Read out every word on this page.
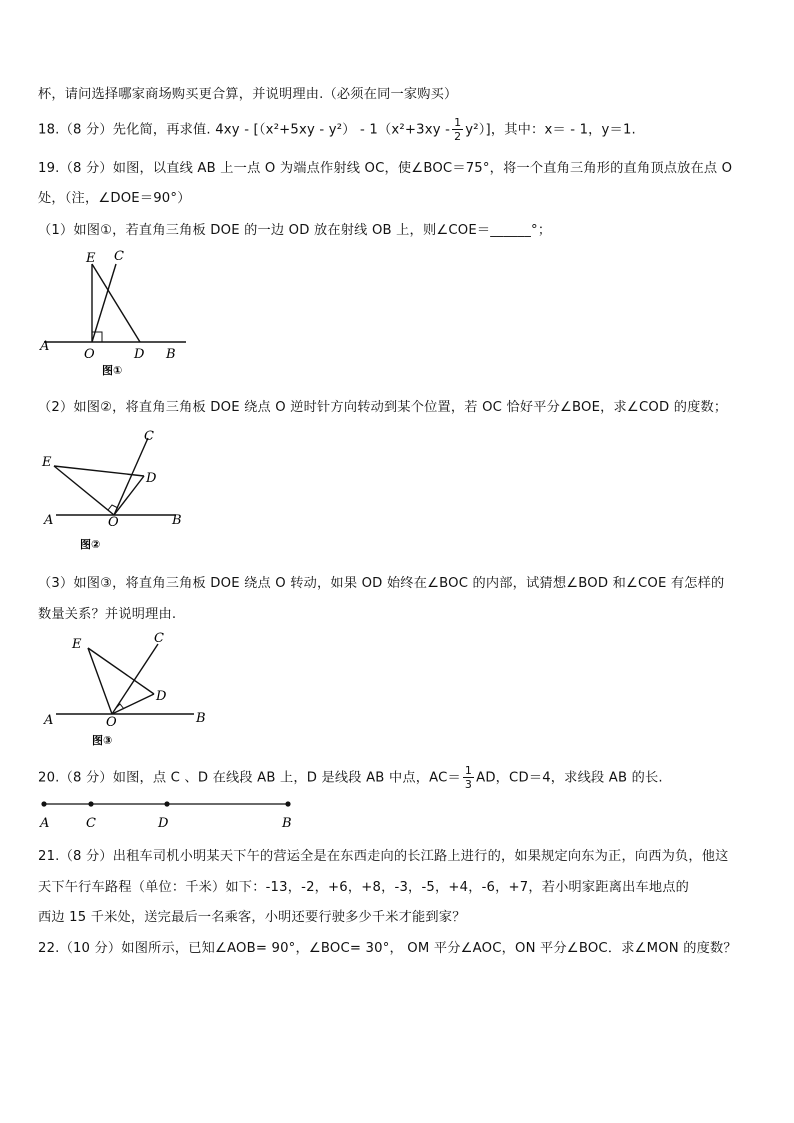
杯，请问选择哪家商场购买更合算，并说明理由.（必须在同一家购买）
18.（8 分）先化简，再求值. $4xy - [(x^2+5xy - y^2) - 1(x^2+3xy - \frac{1}{2} y^2)]$，其中：x＝ - 1，y＝1.
19.（8 分）如图，以直线 AB 上一点 O 为端点作射线 OC，使∠BOC＝75°，将一个直角三角形的直角顶点放在点 O
处，（注，∠DOE＝90°）
（1）如图①，若直角三角板 DOE 的一边 OD 放在射线 OB 上，则∠COE＝______°；
E C
A
O	D B
图①
（2）如图②，将直角三角板 DOE 绕点 O 逆时针方向转动到某个位置，若 OC 恰好平分∠BOE，求∠COD 的度数；
C
E
D
A	O	B
图②
（3）如图③，将直角三角板 DOE 绕点 O 转动，如果 OD 始终在∠BOC 的内部，试猜想∠BOD 和∠COE 有怎样的
数量关系？并说明理由.
C
E
D
A	O	B
图③
20.（8 分）如图，点 C 、D 在线段 AB 上，D 是线段 AB 中点，$AC= \frac{1}{3}$ AD，CD＝4，求线段 AB 的长.
A	C	D	B
21.（8 分）出租车司机小明某天下午的营运全是在东西走向的长江路上进行的，如果规定向东为正，向西为负，他这
天下午行车路程（单位：千米）如下：-13，-2，+6，+8，-3，-5，+4，-6，+7，若小明家距离出车地点的
西边 15 千米处，送完最后一名乘客，小明还要行驶多少千米才能到家？
22.（10 分）如图所示，已知∠AOB= 90°，∠BOC= 30°， OM 平分∠AOC，ON 平分∠BOC．求∠MON 的度数？
